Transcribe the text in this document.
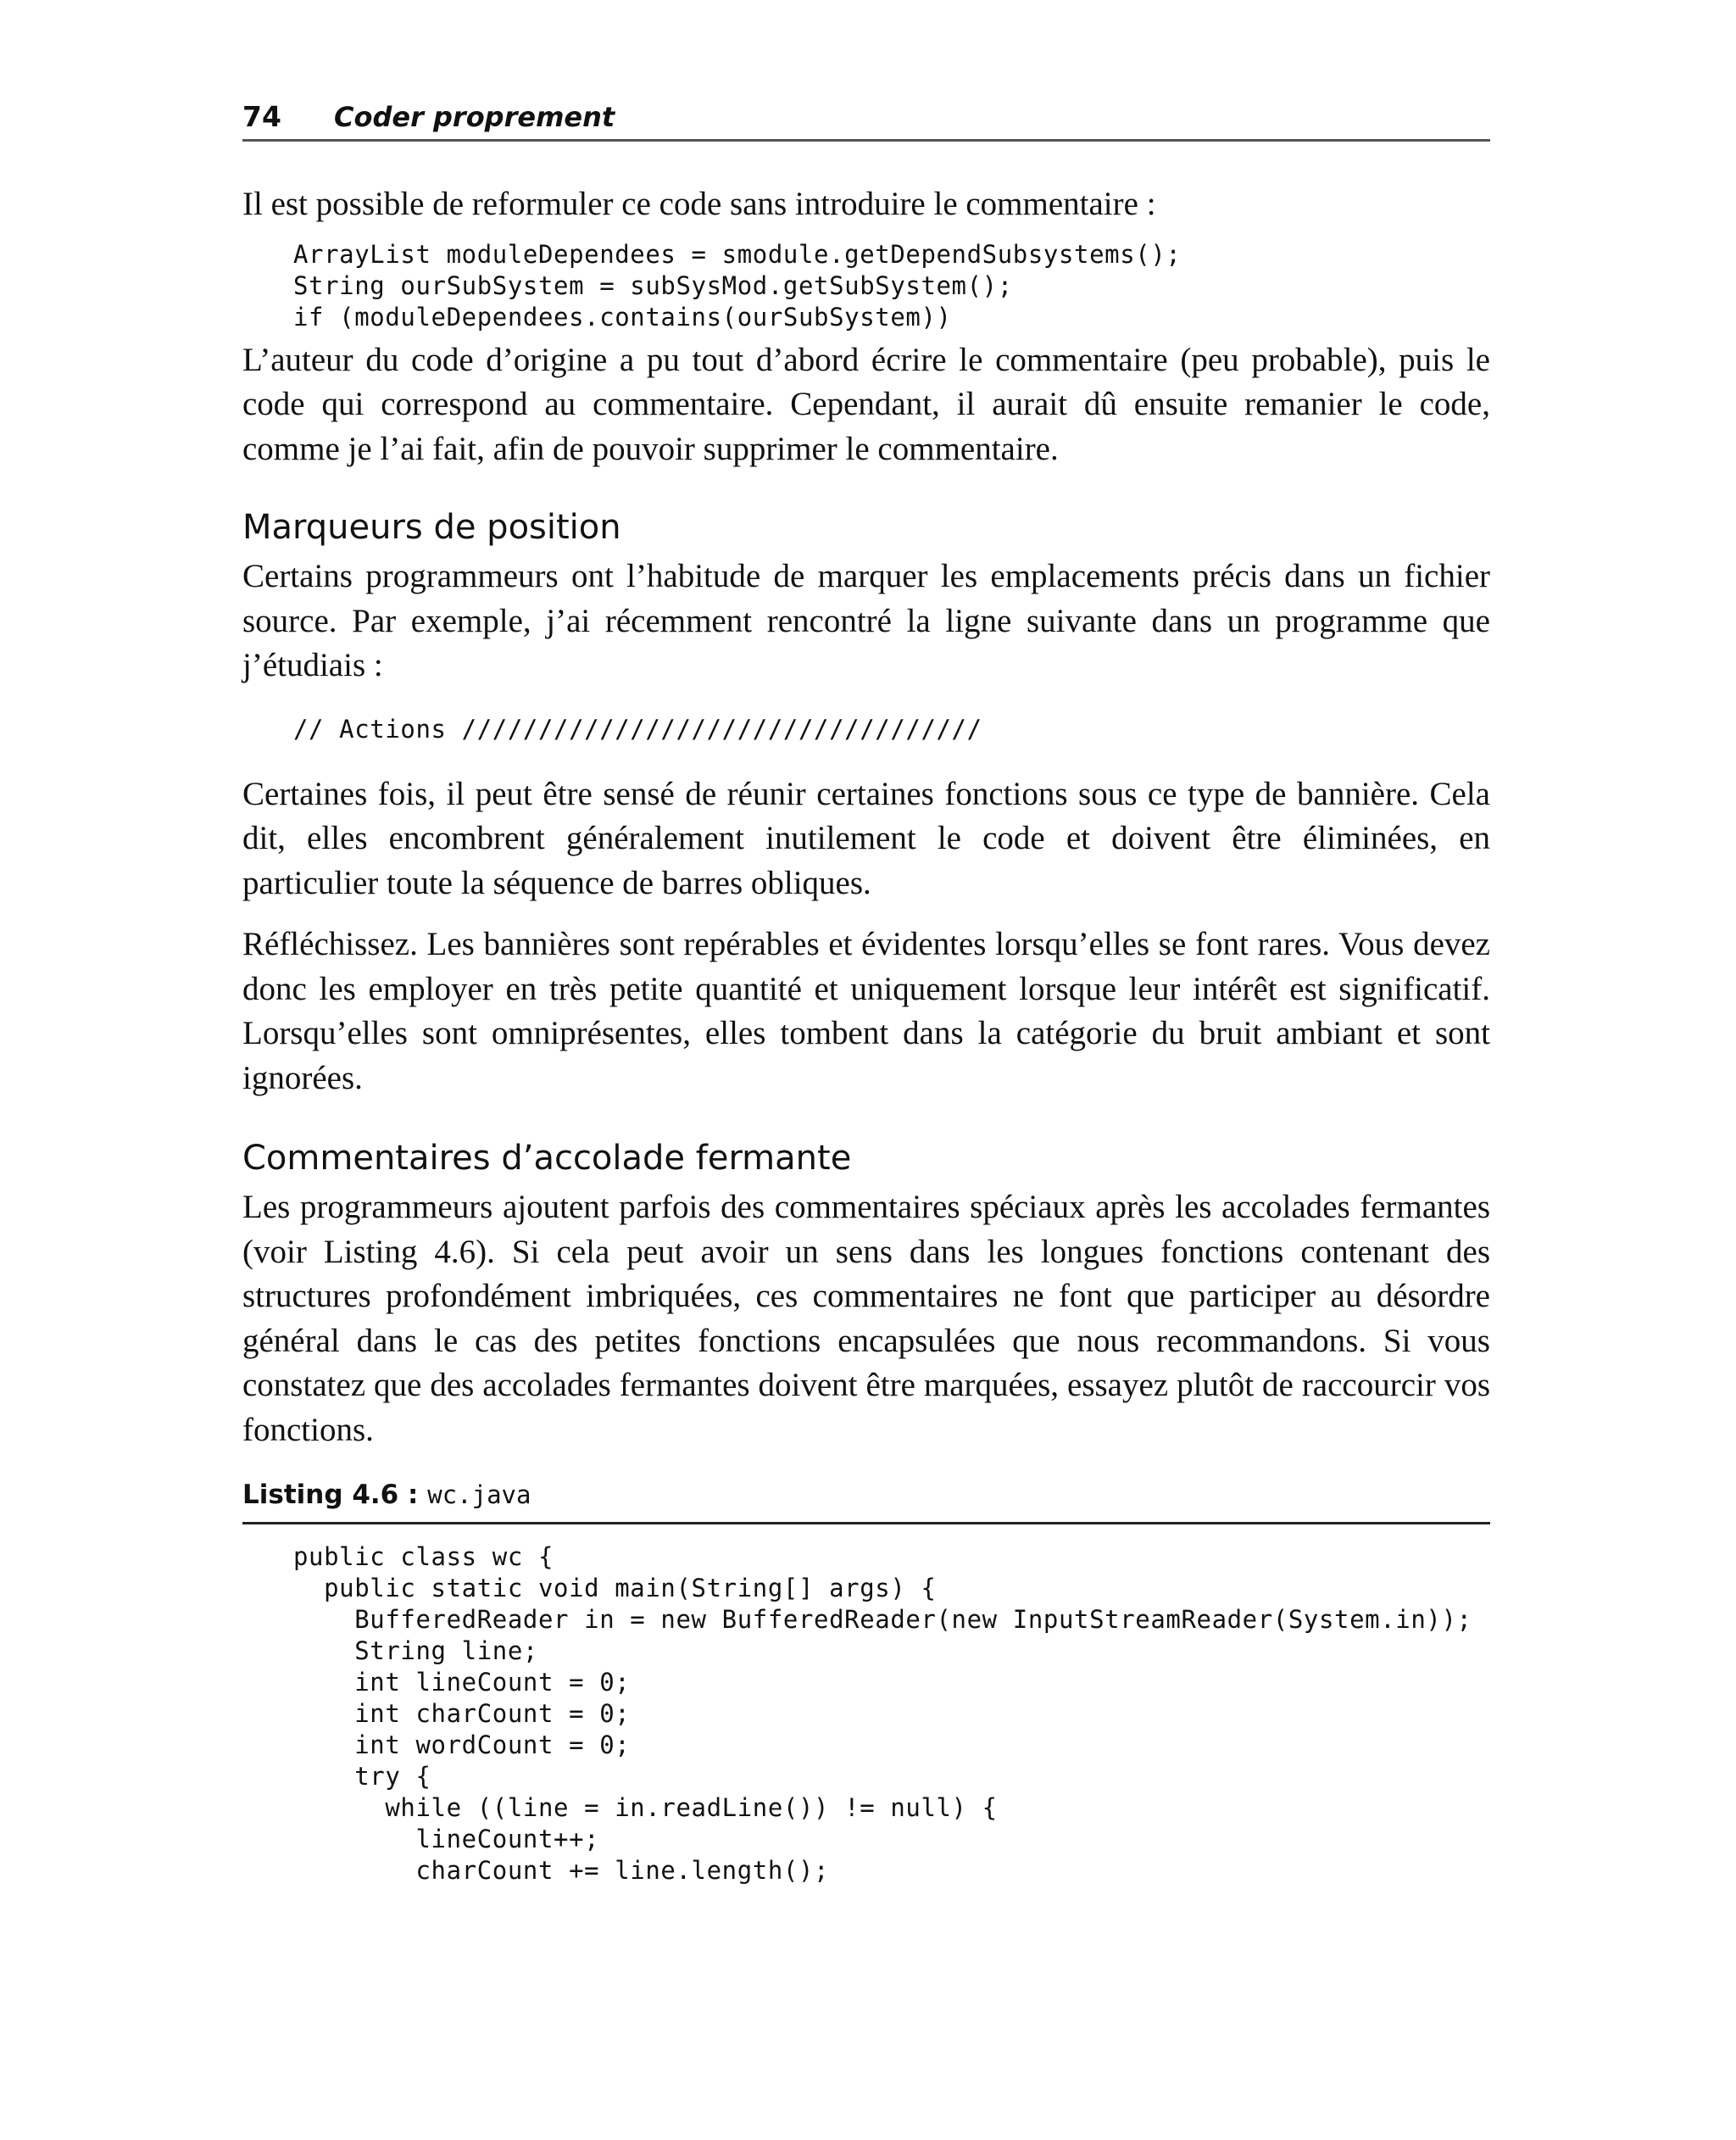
74	Coder proprement

Il est possible de reformuler ce code sans introduire le commentaire :

ArrayList moduleDependees = smodule.getDependSubsystems();
String ourSubSystem = subSysMod.getSubSystem();
if (moduleDependees.contains(ourSubSystem))

L’auteur du code d’origine a pu tout d’abord écrire le commentaire (peu probable), puis le code qui correspond au commentaire. Cependant, il aurait dû ensuite remanier le code, comme je l’ai fait, afin de pouvoir supprimer le commentaire.

Marqueurs de position

Certains programmeurs ont l’habitude de marquer les emplacements précis dans un fichier source. Par exemple, j’ai récemment rencontré la ligne suivante dans un programme que j’étudiais :

// Actions //////////////////////////////////

Certaines fois, il peut être sensé de réunir certaines fonctions sous ce type de bannière. Cela dit, elles encombrent généralement inutilement le code et doivent être éliminées, en particulier toute la séquence de barres obliques.

Réfléchissez. Les bannières sont repérables et évidentes lorsqu’elles se font rares. Vous devez donc les employer en très petite quantité et uniquement lorsque leur intérêt est significatif. Lorsqu’elles sont omniprésentes, elles tombent dans la catégorie du bruit ambiant et sont ignorées.

Commentaires d’accolade fermante

Les programmeurs ajoutent parfois des commentaires spéciaux après les accolades fermantes (voir Listing 4.6). Si cela peut avoir un sens dans les longues fonctions contenant des structures profondément imbriquées, ces commentaires ne font que participer au désordre général dans le cas des petites fonctions encapsulées que nous recommandons. Si vous constatez que des accolades fermantes doivent être marquées, essayez plutôt de raccourcir vos fonctions.

Listing 4.6 : wc.java
public class wc {
public static void main(String[] args) {
BufferedReader in = new BufferedReader(new InputStreamReader(System.in));
String line;
int lineCount = 0;
int charCount = 0;
int wordCount = 0;
try {
while ((line = in.readLine()) != null) {
lineCount++;
charCount += line.length();
